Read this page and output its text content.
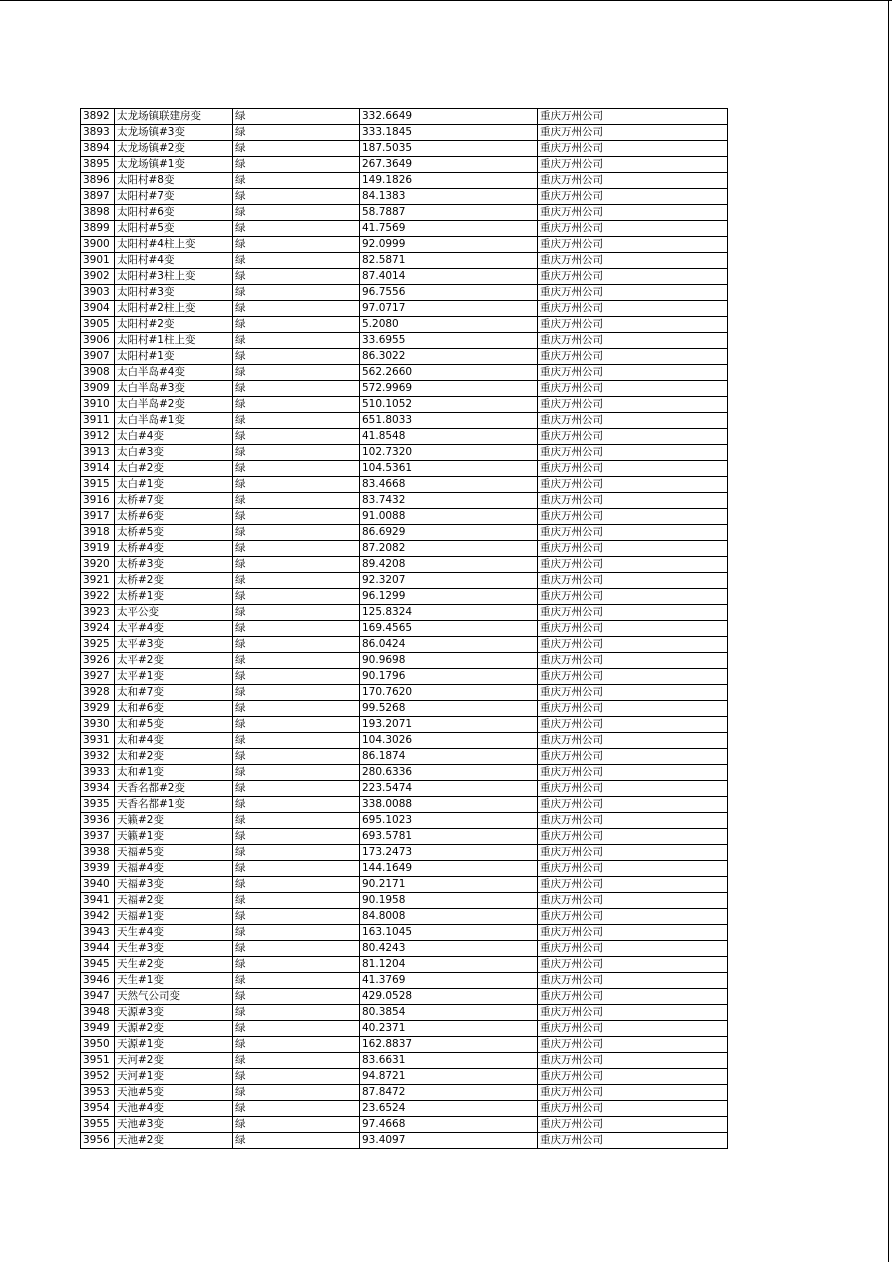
3892	太龙场镇联建房变	绿	332.6649	重庆万州公司
3893	太龙场镇#3变	绿	333.1845	重庆万州公司
3894	太龙场镇#2变	绿	187.5035	重庆万州公司
3895	太龙场镇#1变	绿	267.3649	重庆万州公司
3896	太阳村#8变	绿	149.1826	重庆万州公司
3897	太阳村#7变	绿	84.1383	重庆万州公司
3898	太阳村#6变	绿	58.7887	重庆万州公司
3899	太阳村#5变	绿	41.7569	重庆万州公司
3900	太阳村#4柱上变	绿	92.0999	重庆万州公司
3901	太阳村#4变	绿	82.5871	重庆万州公司
3902	太阳村#3柱上变	绿	87.4014	重庆万州公司
3903	太阳村#3变	绿	96.7556	重庆万州公司
3904	太阳村#2柱上变	绿	97.0717	重庆万州公司
3905	太阳村#2变	绿	5.2080	重庆万州公司
3906	太阳村#1柱上变	绿	33.6955	重庆万州公司
3907	太阳村#1变	绿	86.3022	重庆万州公司
3908	太白半岛#4变	绿	562.2660	重庆万州公司
3909	太白半岛#3变	绿	572.9969	重庆万州公司
3910	太白半岛#2变	绿	510.1052	重庆万州公司
3911	太白半岛#1变	绿	651.8033	重庆万州公司
3912	太白#4变	绿	41.8548	重庆万州公司
3913	太白#3变	绿	102.7320	重庆万州公司
3914	太白#2变	绿	104.5361	重庆万州公司
3915	太白#1变	绿	83.4668	重庆万州公司
3916	太桥#7变	绿	83.7432	重庆万州公司
3917	太桥#6变	绿	91.0088	重庆万州公司
3918	太桥#5变	绿	86.6929	重庆万州公司
3919	太桥#4变	绿	87.2082	重庆万州公司
3920	太桥#3变	绿	89.4208	重庆万州公司
3921	太桥#2变	绿	92.3207	重庆万州公司
3922	太桥#1变	绿	96.1299	重庆万州公司
3923	太平公变	绿	125.8324	重庆万州公司
3924	太平#4变	绿	169.4565	重庆万州公司
3925	太平#3变	绿	86.0424	重庆万州公司
3926	太平#2变	绿	90.9698	重庆万州公司
3927	太平#1变	绿	90.1796	重庆万州公司
3928	太和#7变	绿	170.7620	重庆万州公司
3929	太和#6变	绿	99.5268	重庆万州公司
3930	太和#5变	绿	193.2071	重庆万州公司
3931	太和#4变	绿	104.3026	重庆万州公司
3932	太和#2变	绿	86.1874	重庆万州公司
3933	太和#1变	绿	280.6336	重庆万州公司
3934	天香名都#2变	绿	223.5474	重庆万州公司
3935	天香名都#1变	绿	338.0088	重庆万州公司
3936	天籁#2变	绿	695.1023	重庆万州公司
3937	天籁#1变	绿	693.5781	重庆万州公司
3938	天福#5变	绿	173.2473	重庆万州公司
3939	天福#4变	绿	144.1649	重庆万州公司
3940	天福#3变	绿	90.2171	重庆万州公司
3941	天福#2变	绿	90.1958	重庆万州公司
3942	天福#1变	绿	84.8008	重庆万州公司
3943	天生#4变	绿	163.1045	重庆万州公司
3944	天生#3变	绿	80.4243	重庆万州公司
3945	天生#2变	绿	81.1204	重庆万州公司
3946	天生#1变	绿	41.3769	重庆万州公司
3947	天然气公司变	绿	429.0528	重庆万州公司
3948	天源#3变	绿	80.3854	重庆万州公司
3949	天源#2变	绿	40.2371	重庆万州公司
3950	天源#1变	绿	162.8837	重庆万州公司
3951	天河#2变	绿	83.6631	重庆万州公司
3952	天河#1变	绿	94.8721	重庆万州公司
3953	天池#5变	绿	87.8472	重庆万州公司
3954	天池#4变	绿	23.6524	重庆万州公司
3955	天池#3变	绿	97.4668	重庆万州公司
3956	天池#2变	绿	93.4097	重庆万州公司
